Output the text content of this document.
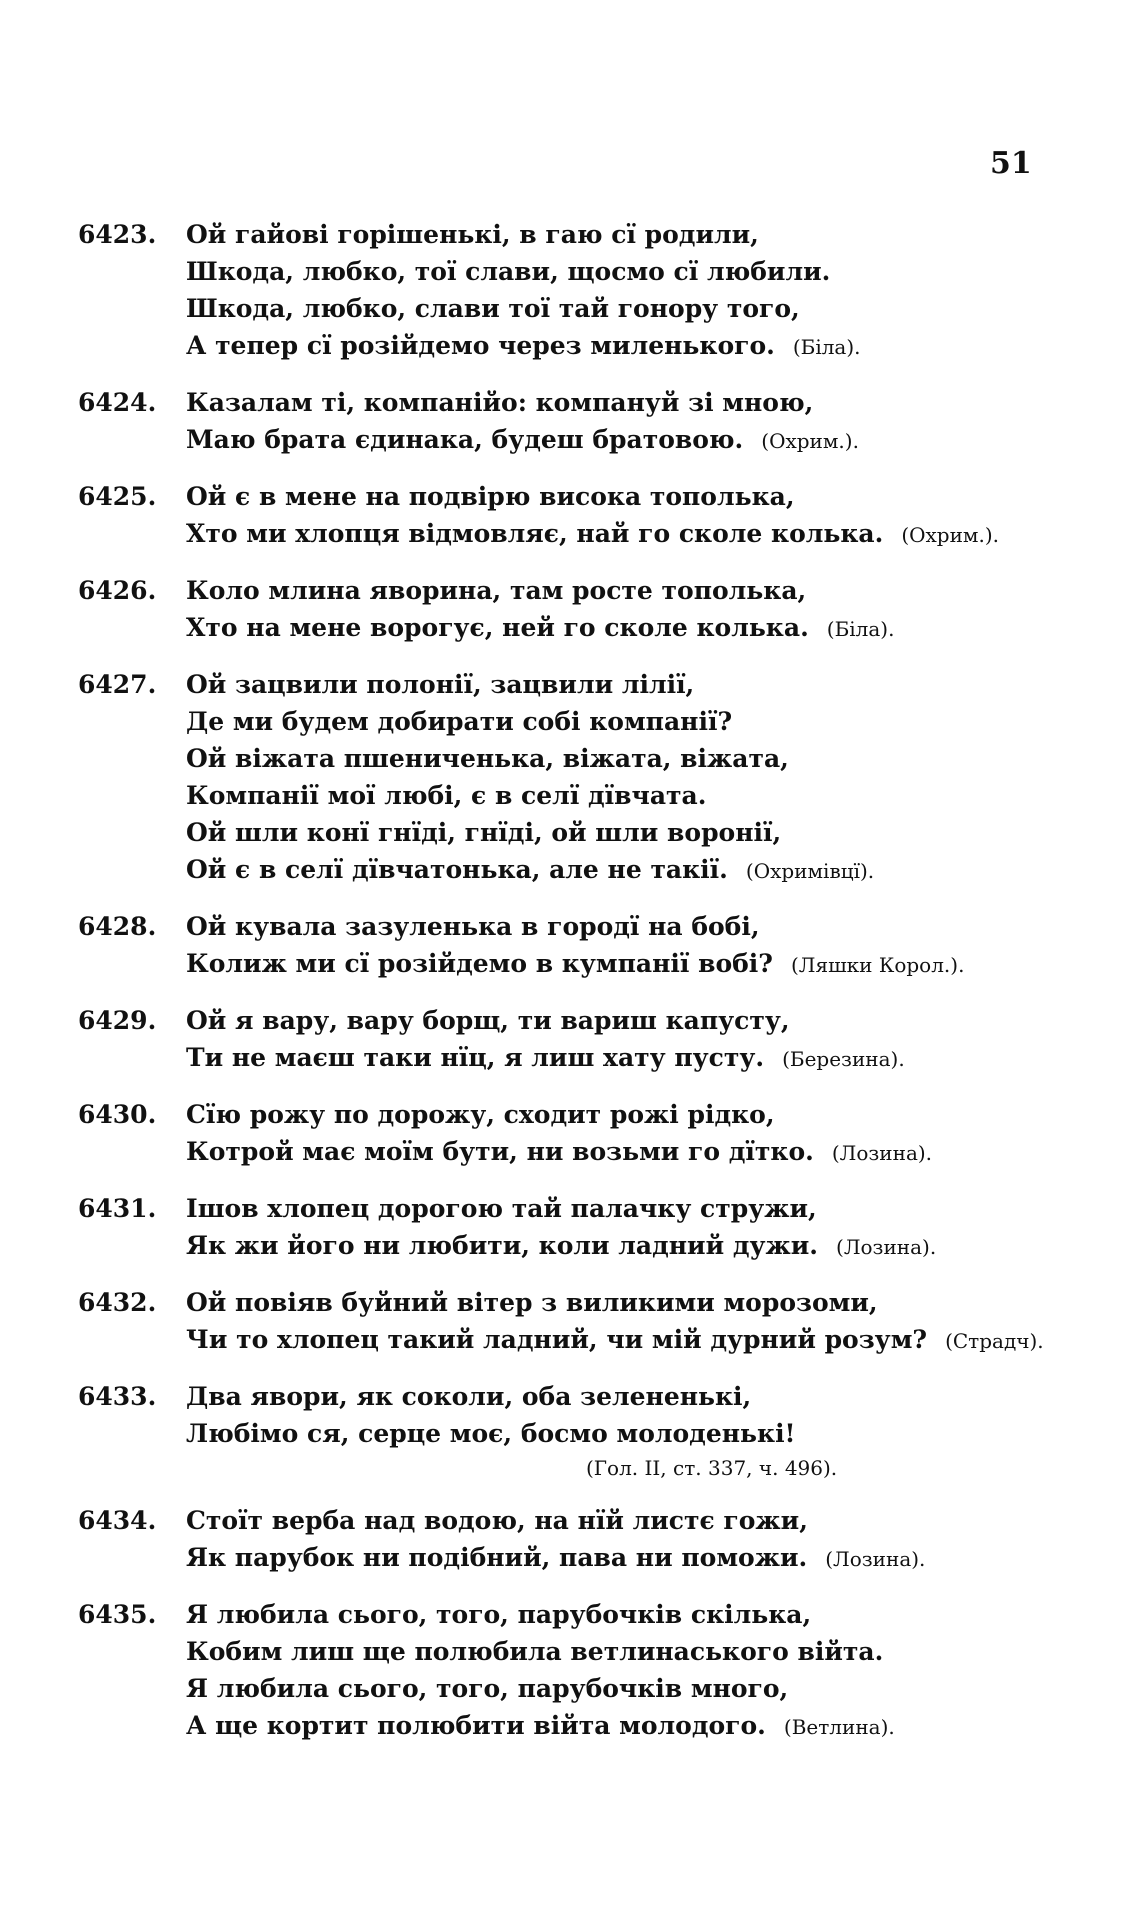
51
6423. Ой гайові горішенькі, в гаю сї родили,
Шкода, любко, тої слави, щосмо сї любили.
Шкода, любко, слави тої тай гонору того,
А тепер сї розійдемо через миленького. (Біла).
6424. Казалам ті, компанійо: компануй зі мною,
Маю брата єдинака, будеш братовою. (Охрим.).
6425. Ой є в мене на подвірю висока тополька,
Хто ми хлопця відмовляє, най го сколе колька. (Охрим.).
6426. Коло млина яворина, там росте тополька,
Хто на мене ворогує, ней го сколе колька. (Біла).
6427. Ой зацвили полонії, зацвили лілії,
Де ми будем добирати собі компанії?
Ой віжата пшениченька, віжата, віжата,
Компанії мої любі, є в селї дївчата.
Ой шли конї гнїді, гнїді, ой шли воронії,
Ой є в селї дївчатонька, але не такії. (Охримівцї).
6428. Ой кувала зазуленька в городї на бобі,
Колиж ми сї розійдемо в кумпанії вобі? (Ляшки Корол.).
6429. Ой я вару, вару борщ, ти вариш капусту,
Ти не маєш таки нїц, я лиш хату пусту. (Березина).
6430. Сїю рожу по дорожу, сходит рожі рідко,
Котрой має моїм бути, ни возьми го дїтко. (Лозина).
6431. Ішов хлопец дорогою тай палачку стружи,
Як жи його ни любити, коли ладний дужи. (Лозина).
6432. Ой повіяв буйний вітер з виликими морозоми,
Чи то хлопец такий ладний, чи мій дурний розум? (Страдч).
6433. Два явори, як соколи, оба зелененькі,
Любімо ся, серце моє, босмо молоденькі!
(Гол. II, ст. 337, ч. 496).
6434. Стоїт верба над водою, на нїй листє гожи,
Як парубок ни подібний, пава ни поможи. (Лозина).
6435. Я любила сього, того, парубочків скілька,
Кобим лиш ще полюбила ветлинаського війта.
Я любила сього, того, парубочків много,
А ще кортит полюбити війта молодого. (Ветлина).
